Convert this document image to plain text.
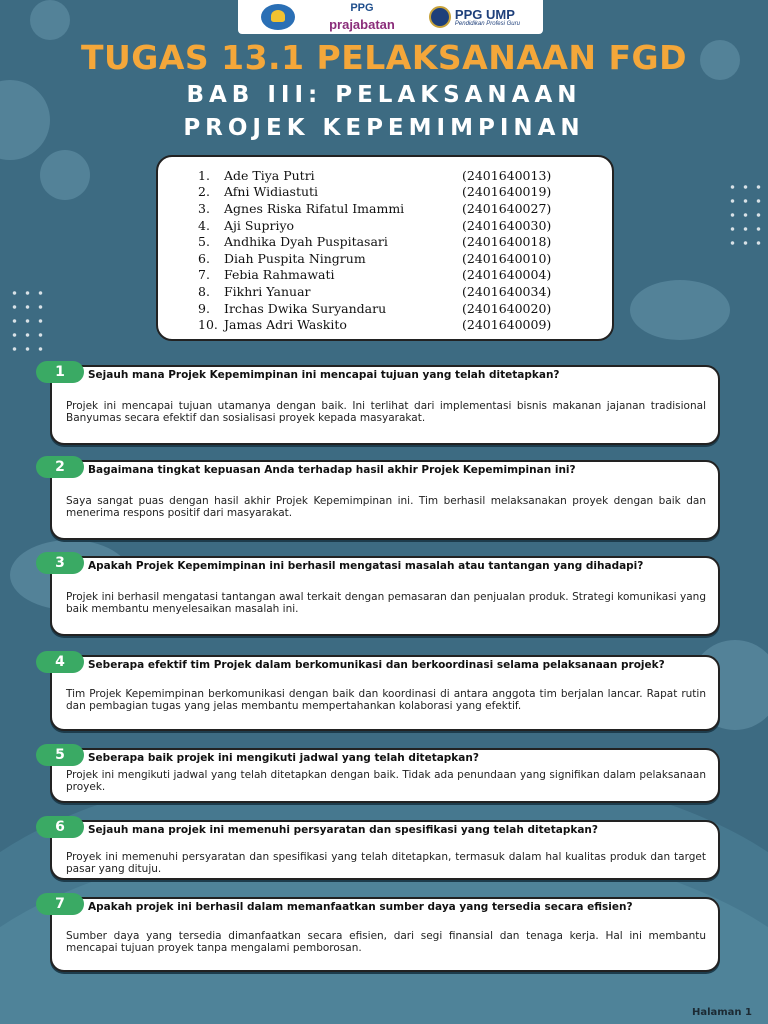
PPG
prajabatan
PPG UMP
Pendidikan Profesi Guru
TUGAS 13.1 PELAKSANAAN FGD
BAB III: PELAKSANAAN
PROJEK KEPEMIMPINAN
1.	Ade Tiya Putri	(2401640013)
2.	Afni Widiastuti	(2401640019)
3.	Agnes Riska Rifatul Imammi	(2401640027)
4.	Aji Supriyo	(2401640030)
5.	Andhika Dyah Puspitasari	(2401640018)
6.	Diah Puspita Ningrum	(2401640010)
7.	Febia Rahmawati	(2401640004)
8.	Fikhri Yanuar	(2401640034)
9.	Irchas Dwika Suryandaru	(2401640020)
10. Jamas Adri Waskito	(2401640009)
1	Sejauh mana Projek Kepemimpinan ini mencapai tujuan yang telah ditetapkan?
Projek ini mencapai tujuan utamanya dengan baik. Ini terlihat dari implementasi bisnis makanan jajanan tradisional Banyumas secara efektif dan sosialisasi proyek kepada masyarakat.
2	Bagaimana tingkat kepuasan Anda terhadap hasil akhir Projek Kepemimpinan ini?
Saya sangat puas dengan hasil akhir Projek Kepemimpinan ini. Tim berhasil melaksanakan proyek dengan baik dan menerima respons positif dari masyarakat.
3	Apakah Projek Kepemimpinan ini berhasil mengatasi masalah atau tantangan yang dihadapi?
Projek ini berhasil mengatasi tantangan awal terkait dengan pemasaran dan penjualan produk. Strategi komunikasi yang baik membantu menyelesaikan masalah ini.
4	Seberapa efektif tim Projek dalam berkomunikasi dan berkoordinasi selama pelaksanaan projek?
Tim Projek Kepemimpinan berkomunikasi dengan baik dan koordinasi di antara anggota tim berjalan lancar. Rapat rutin dan pembagian tugas yang jelas membantu mempertahankan kolaborasi yang efektif.
5	Seberapa baik projek ini mengikuti jadwal yang telah ditetapkan?
Projek ini mengikuti jadwal yang telah ditetapkan dengan baik. Tidak ada penundaan yang signifikan dalam pelaksanaan proyek.
6	Sejauh mana projek ini memenuhi persyaratan dan spesifikasi yang telah ditetapkan?
Proyek ini memenuhi persyaratan dan spesifikasi yang telah ditetapkan, termasuk dalam hal kualitas produk dan target pasar yang dituju.
7	Apakah projek ini berhasil dalam memanfaatkan sumber daya yang tersedia secara efisien?
Sumber daya yang tersedia dimanfaatkan secara efisien, dari segi finansial dan tenaga kerja. Hal ini membantu mencapai tujuan proyek tanpa mengalami pemborosan.
Halaman 1
